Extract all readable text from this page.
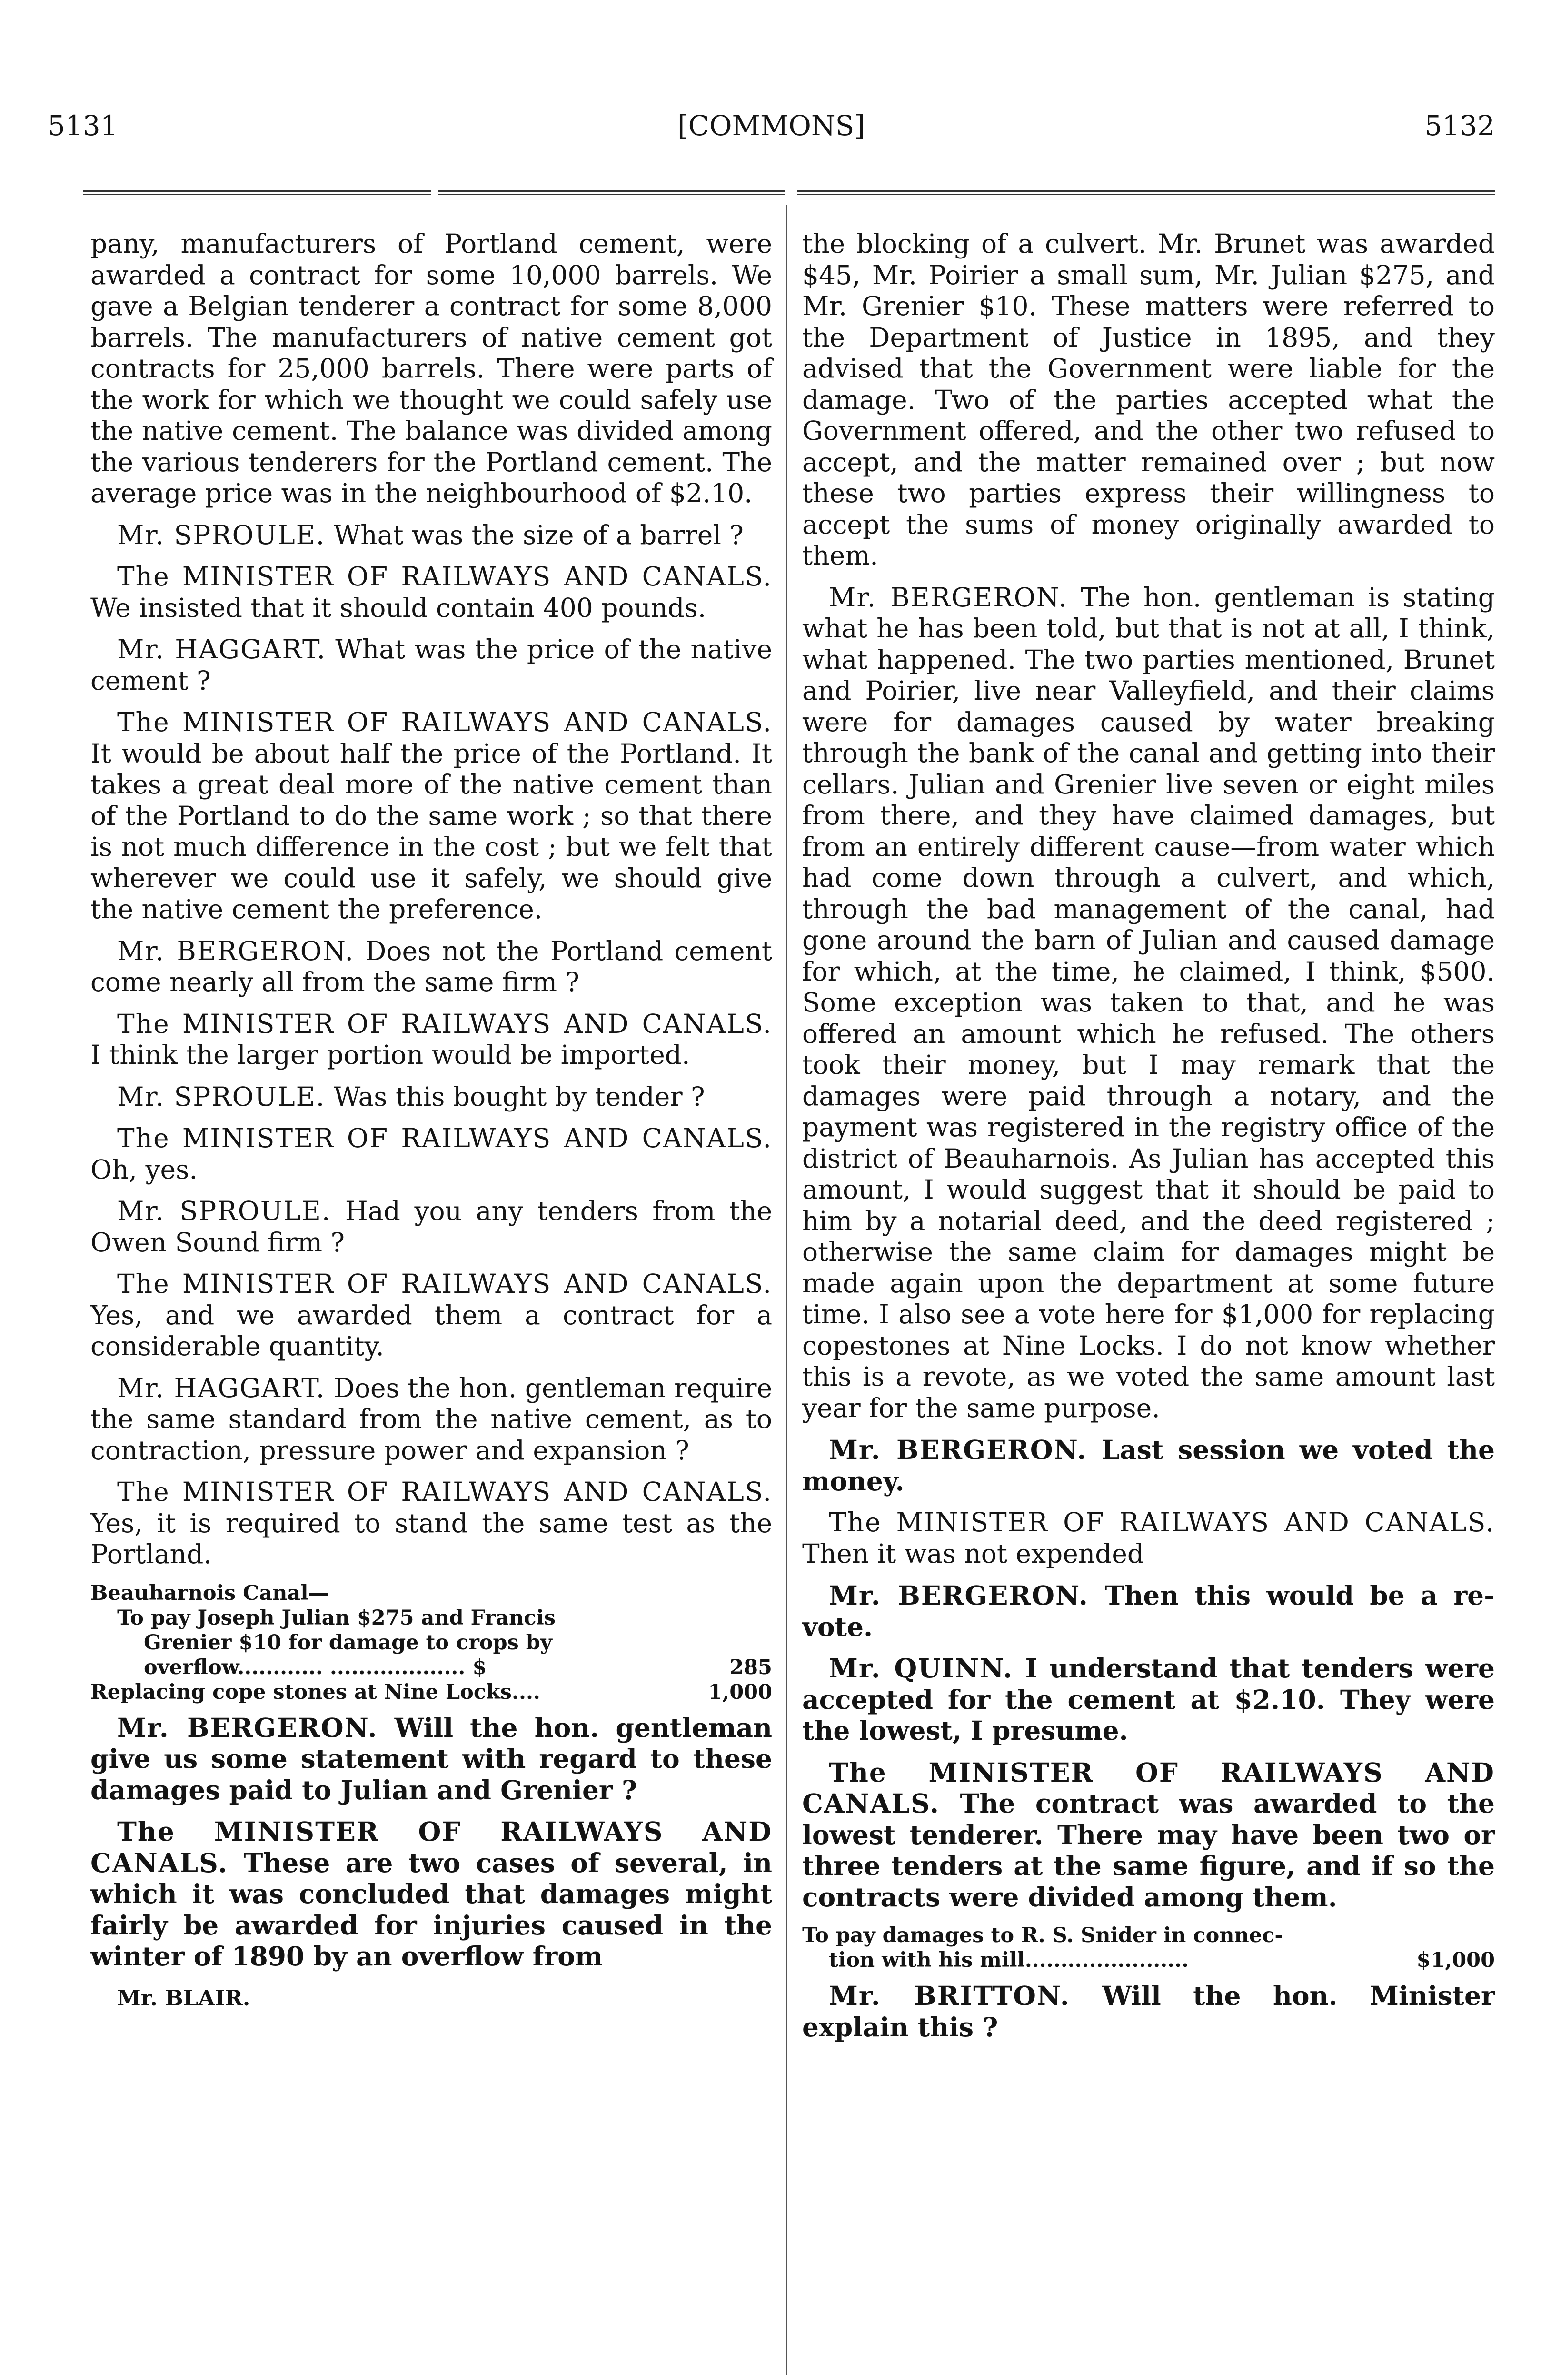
5131	[COMMONS]	5132

pany, manufacturers of Portland cement, were awarded a contract for some 10,000 barrels. We gave a Belgian tenderer a contract for some 8,000 barrels. The manufacturers of native cement got contracts for 25,000 barrels. There were parts of the work for which we thought we could safely use the native cement. The balance was divided among the various tenderers for the Portland cement. The average price was in the neighbourhood of $2.10.

Mr. SPROULE. What was the size of a barrel ?

The MINISTER OF RAILWAYS AND CANALS. We insisted that it should contain 400 pounds.

Mr. HAGGART. What was the price of the native cement ?

The MINISTER OF RAILWAYS AND CANALS. It would be about half the price of the Portland. It takes a great deal more of the native cement than of the Portland to do the same work ; so that there is not much difference in the cost ; but we felt that wherever we could use it safely, we should give the native cement the preference.

Mr. BERGERON. Does not the Portland cement come nearly all from the same firm ?

The MINISTER OF RAILWAYS AND CANALS. I think the larger portion would be imported.

Mr. SPROULE. Was this bought by tender ?

The MINISTER OF RAILWAYS AND CANALS. Oh, yes.

Mr. SPROULE. Had you any tenders from the Owen Sound firm ?

The MINISTER OF RAILWAYS AND CANALS. Yes, and we awarded them a contract for a considerable quantity.

Mr. HAGGART. Does the hon. gentleman require the same standard from the native cement, as to contraction, pressure power and expansion ?

The MINISTER OF RAILWAYS AND CANALS. Yes, it is required to stand the same test as the Portland.

Beauharnois Canal—
To pay Joseph Julian $275 and Francis
Grenier $10 for damage to crops by
285
overflow............ ................... $
1,000
Replacing cope stones at Nine Locks....

Mr. BERGERON. Will the hon. gentleman give us some statement with regard to these damages paid to Julian and Grenier ?

The MINISTER OF RAILWAYS AND CANALS. These are two cases of several, in which it was concluded that damages might fairly be awarded for injuries caused in the winter of 1890 by an overflow from

Mr. BLAIR.

the blocking of a culvert. Mr. Brunet was awarded $45, Mr. Poirier a small sum, Mr. Julian $275, and Mr. Grenier $10. These matters were referred to the Department of Justice in 1895, and they advised that the Government were liable for the damage. Two of the parties accepted what the Government offered, and the other two refused to accept, and the matter remained over ; but now these two parties express their willingness to accept the sums of money originally awarded to them.

Mr. BERGERON. The hon. gentleman is stating what he has been told, but that is not at all, I think, what happened. The two parties mentioned, Brunet and Poirier, live near Valleyfield, and their claims were for damages caused by water breaking through the bank of the canal and getting into their cellars. Julian and Grenier live seven or eight miles from there, and they have claimed damages, but from an entirely different cause—from water which had come down through a culvert, and which, through the bad management of the canal, had gone around the barn of Julian and caused damage for which, at the time, he claimed, I think, $500. Some exception was taken to that, and he was offered an amount which he refused. The others took their money, but I may remark that the damages were paid through a notary, and the payment was registered in the registry office of the district of Beauharnois. As Julian has accepted this amount, I would suggest that it should be paid to him by a notarial deed, and the deed registered ; otherwise the same claim for damages might be made again upon the department at some future time. I also see a vote here for $1,000 for replacing copestones at Nine Locks. I do not know whether this is a revote, as we voted the same amount last year for the same purpose.

Mr. BERGERON. Last session we voted the money.

The MINISTER OF RAILWAYS AND CANALS. Then it was not expended

Mr. BERGERON. Then this would be a re-vote.

Mr. QUINN. I understand that tenders were accepted for the cement at $2.10. They were the lowest, I presume.

The MINISTER OF RAILWAYS AND CANALS. The contract was awarded to the lowest tenderer. There may have been two or three tenders at the same figure, and if so the contracts were divided among them.

To pay damages to R. S. Snider in connec-
$1,000
tion with his mill.......................

Mr. BRITTON. Will the hon. Minister explain this ?
